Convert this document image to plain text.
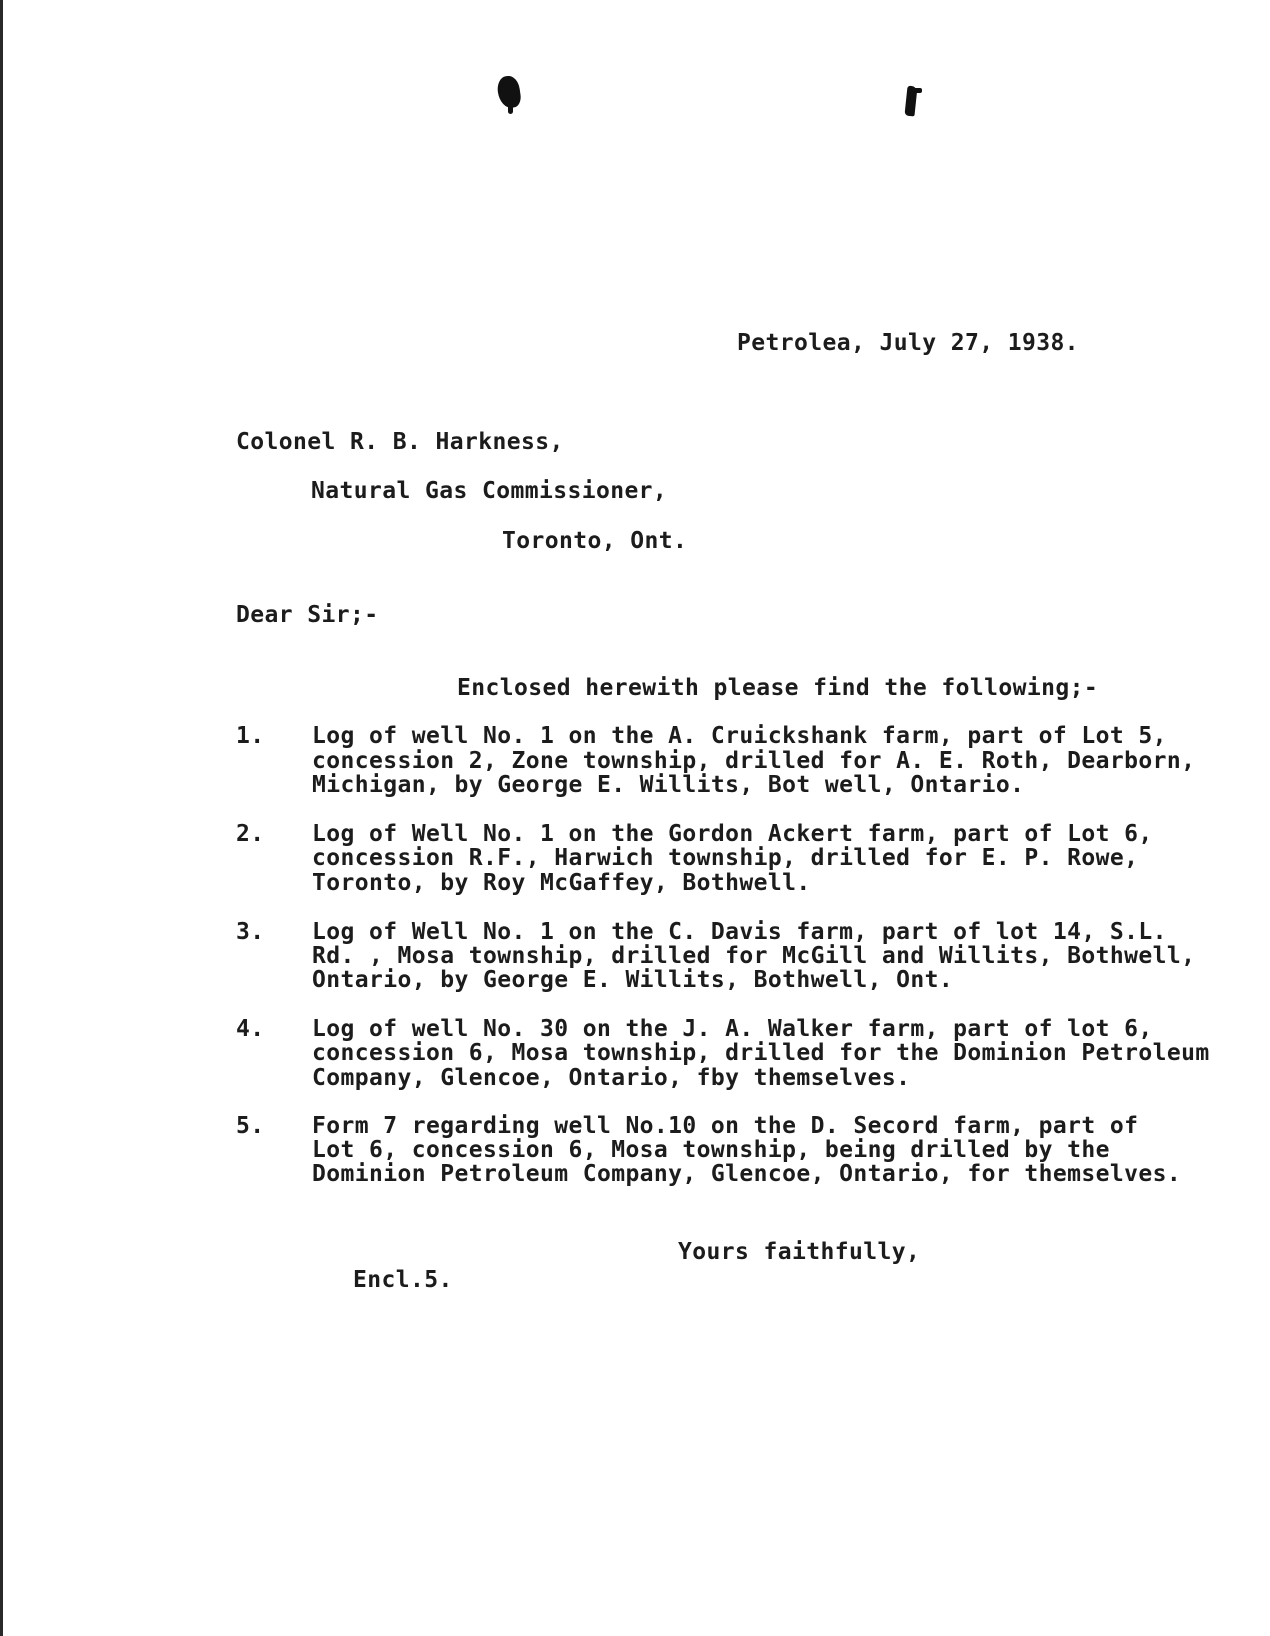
Petrolea, July 27, 1938.
Colonel R. B. Harkness,
Natural Gas Commissioner,
Toronto, Ont.
Dear Sir;-
Enclosed herewith please find the following;-
1. Log of well No. 1 on the A. Cruickshank farm, part of Lot 5,
concession 2, Zone township, drilled for A. E. Roth, Dearborn,
Michigan, by George E. Willits, Bot well, Ontario.
2. Log of Well No. 1 on the Gordon Ackert farm, part of Lot 6,
concession R.F., Harwich township, drilled for E. P. Rowe,
Toronto, by Roy McGaffey, Bothwell.
3. Log of Well No. 1 on the C. Davis farm, part of lot 14, S.L.
Rd. , Mosa township, drilled for McGill and Willits, Bothwell,
Ontario, by George E. Willits, Bothwell, Ont.
4. Log of well No. 30 on the J. A. Walker farm, part of lot 6,
concession 6, Mosa township, drilled for the Dominion Petroleum
Company, Glencoe, Ontario, fby themselves.
5. Form 7 regarding well No.10 on the D. Secord farm, part of
Lot 6, concession 6, Mosa township, being drilled by the
Dominion Petroleum Company, Glencoe, Ontario, for themselves.
Yours faithfully,
Encl.5.
